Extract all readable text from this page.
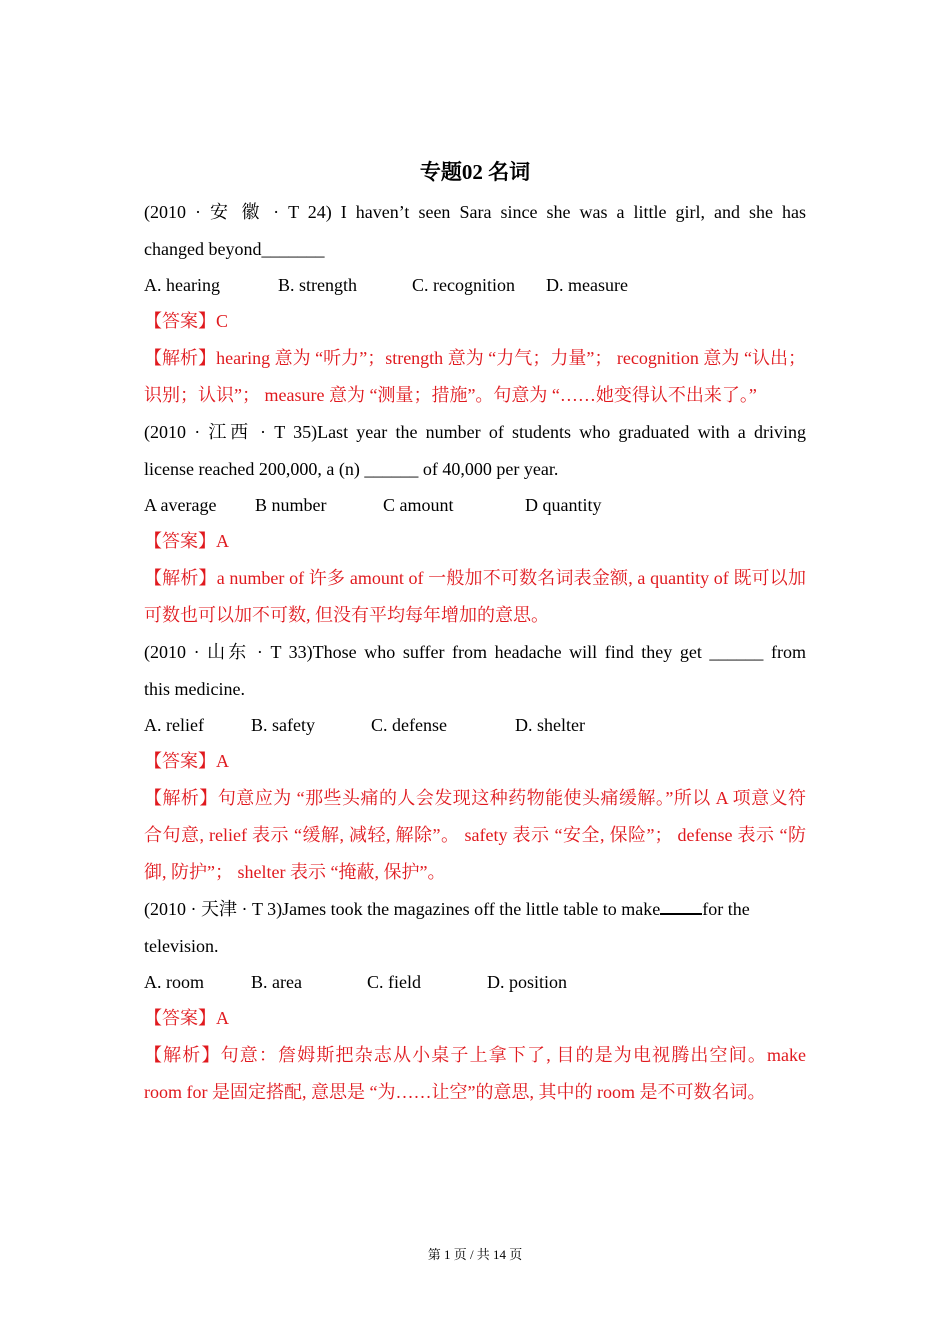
专题02 名词

(2010 · 安 徽 · T 24) I haven’t seen Sara since she was a little girl, and she has

changed beyond_______

A. hearing	B. strength	C. recognition	D. measure

【答案】C

【解析】hearing 意为 “听力”；strength 意为 “力气；力量”； recognition 意为 “认出；识别；认识”； measure 意为 “测量；措施”。句意为 “……她变得认不出来了。”

(2010 · 江西 · T 35)Last year the number of students who graduated with a driving

license reached 200,000, a (n) ______ of 40,000 per year.

A average	B number	C amount	D quantity

【答案】A

【解析】a number of 许多 amount of 一般加不可数名词表金额, a quantity of 既可以加可数也可以加不可数, 但没有平均每年增加的意思。

(2010 · 山东 · T 33)Those who suffer from headache will find they get ______ from

this medicine.

A. relief	B. safety	C. defense	D. shelter

【答案】A

【解析】句意应为 “那些头痛的人会发现这种药物能使头痛缓解。”所以 A 项意义符合句意, relief 表示 “缓解, 减轻, 解除”。 safety 表示 “安全, 保险”； defense 表示 “防御, 防护”； shelter 表示 “掩蔽, 保护”。

(2010 · 天津 · T 3)James took the magazines off the little table to make for the

television.

A. room	B. area	C. field	D. position

【答案】A

【解析】句意：詹姆斯把杂志从小桌子上拿下了, 目的是为电视腾出空间。make room for 是固定搭配, 意思是 “为……让空”的意思, 其中的 room 是不可数名词。

第 1 页 / 共 14 页
